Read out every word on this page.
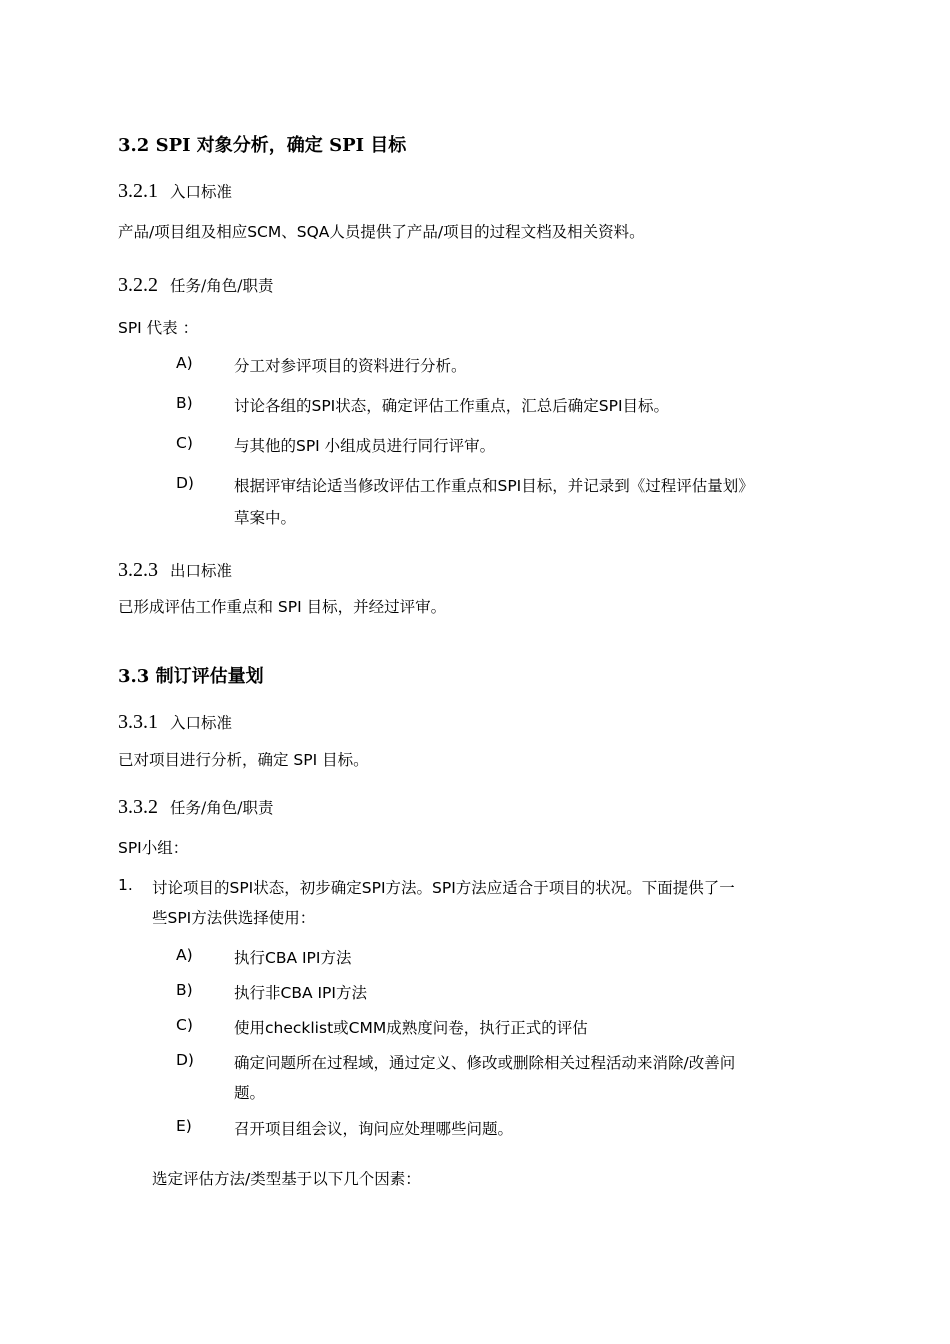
3.2 SPI 对象分析，确定 SPI 目标
3.2.1 入口标准
产品/项目组及相应SCM、SQA人员提供了产品/项目的过程文档及相关资料。
3.2.2 任务/角色/职责
SPI 代表 ：
A)	分工对参评项目的资料进行分析。
B)	讨论各组的SPI状态，确定评估工作重点，汇总后确定SPI目标。
C)	与其他的SPI 小组成员进行同行评审。
D)	根据评审结论适当修改评估工作重点和SPI目标，并记录到《过程评估量划》
草案中。
3.2.3 出口标准
已形成评估工作重点和 SPI 目标，并经过评审。
3.3 制订评估量划
3.3.1 入口标准
已对项目进行分析，确定 SPI 目标。
3.3.2 任务/角色/职责
SPI小组：
1. 讨论项目的SPI状态，初步确定SPI方法。SPI方法应适合于项目的状况。下面提供了一
些SPI方法供选择使用：
A)	执行CBA IPI方法
B)	执行非CBA IPI方法
C)	使用checklist或CMM成熟度问卷，执行正式的评估
D)	确定问题所在过程域，通过定义、修改或删除相关过程活动来消除/改善问
题。
E)	召开项目组会议，询问应处理哪些问题。
选定评估方法/类型基于以下几个因素：
